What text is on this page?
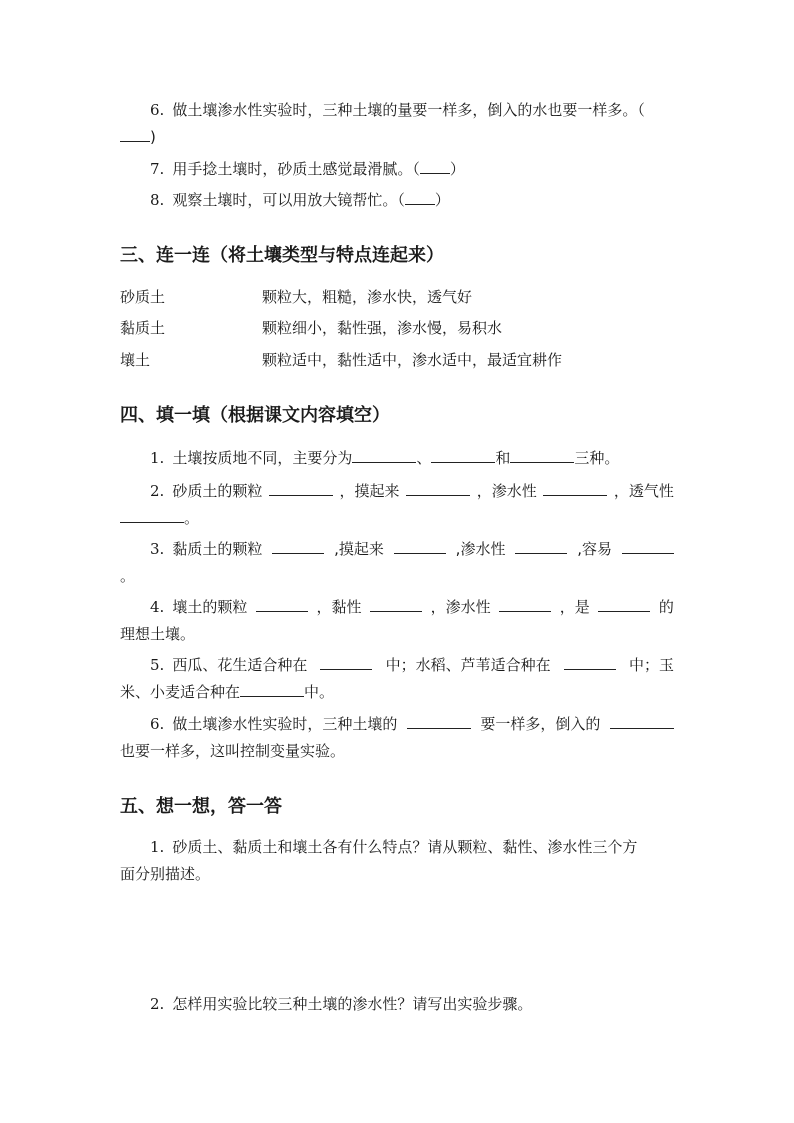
6. 做土壤渗水性实验时，三种土壤的量要一样多，倒入的水也要一样多。（
)
7. 用手捻土壤时，砂质土感觉最滑腻。（ ）
8. 观察土壤时，可以用放大镜帮忙。（ ）
三、连一连（将土壤类型与特点连起来）
砂质土	颗粒大，粗糙，渗水快，透气好
黏质土	颗粒细小，黏性强，渗水慢，易积水
壤土	颗粒适中，黏性适中，渗水适中，最适宜耕作
四、填一填（根据课文内容填空）
1. 土壤按质地不同，主要分为	、	和	三种。
2. 砂质土的颗粒	，摸起来	，渗水性	，透气性
。
3. 黏质土的颗粒	,摸起来	,渗水性	,容易
。
4. 壤土的颗粒	，黏性	，渗水性	，是	的
理想土壤。
5. 西瓜、花生适合种在	中；水稻、芦苇适合种在	中；玉
米、小麦适合种在	中。
6. 做土壤渗水性实验时，三种土壤的	要一样多，倒入的
也要一样多，这叫控制变量实验。
五、想一想，答一答
1. 砂质土、黏质土和壤土各有什么特点？请从颗粒、黏性、渗水性三个方
面分别描述。
2. 怎样用实验比较三种土壤的渗水性？请写出实验步骤。
